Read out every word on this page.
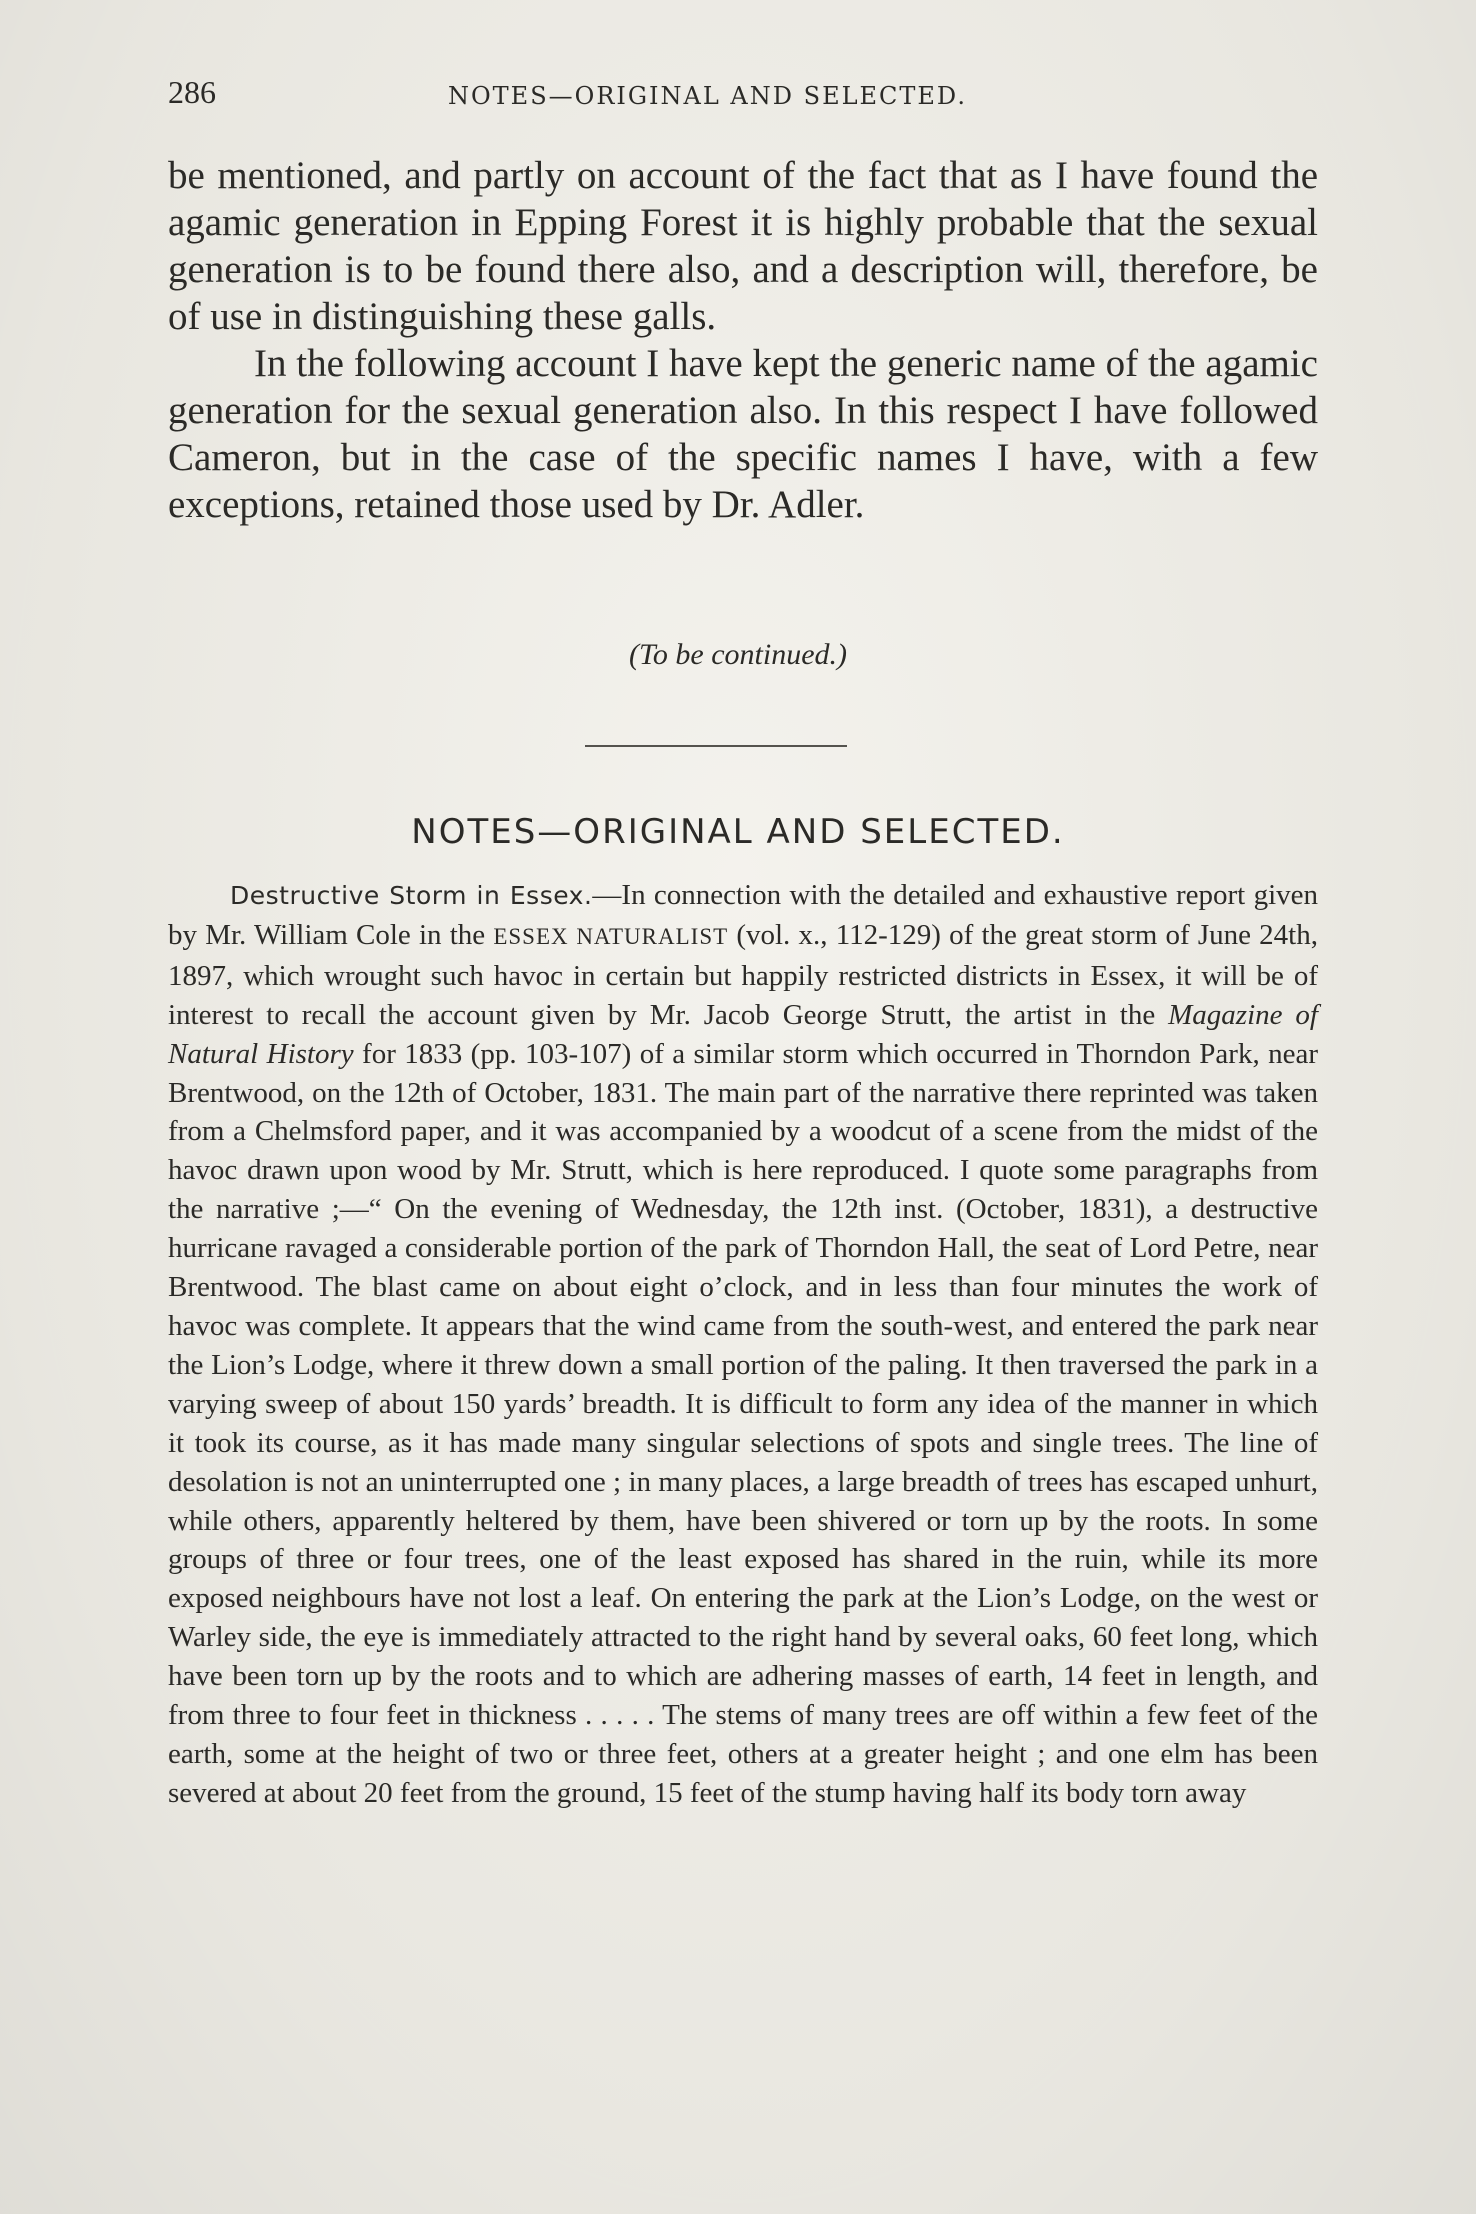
286	NOTES—ORIGINAL AND SELECTED.

be mentioned, and partly on account of the fact that as I have found the agamic generation in Epping Forest it is highly probable that the sexual generation is to be found there also, and a description will, therefore, be of use in distinguishing these galls.

In the following account I have kept the generic name of the agamic generation for the sexual generation also. In this respect I have followed Cameron, but in the case of the specific names I have, with a few exceptions, retained those used by Dr. Adler.

(To be continued.)
NOTES—ORIGINAL AND SELECTED.

Destructive Storm in Essex.—In connection with the detailed and exhaustive report given by Mr. William Cole in the ESSEX NATURALIST (vol. x., 112-129) of the great storm of June 24th, 1897, which wrought such havoc in certain but happily restricted districts in Essex, it will be of interest to recall the account given by Mr. Jacob George Strutt, the artist in the Magazine of Natural History for 1833 (pp. 103-107) of a similar storm which occurred in Thorndon Park, near Brentwood, on the 12th of October, 1831. The main part of the narrative there reprinted was taken from a Chelmsford paper, and it was accompanied by a woodcut of a scene from the midst of the havoc drawn upon wood by Mr. Strutt, which is here reproduced. I quote some paragraphs from the narrative ;—“ On the evening of Wednesday, the 12th inst. (October, 1831), a destructive hurricane ravaged a considerable portion of the park of Thorndon Hall, the seat of Lord Petre, near Brentwood. The blast came on about eight o’clock, and in less than four minutes the work of havoc was complete. It appears that the wind came from the south-west, and entered the park near the Lion’s Lodge, where it threw down a small portion of the paling. It then traversed the park in a varying sweep of about 150 yards’ breadth. It is difficult to form any idea of the manner in which it took its course, as it has made many singular selections of spots and single trees. The line of desolation is not an uninterrupted one ; in many places, a large breadth of trees has escaped unhurt, while others, apparently heltered by them, have been shivered or torn up by the roots. In some groups of three or four trees, one of the least exposed has shared in the ruin, while its more exposed neighbours have not lost a leaf. On entering the park at the Lion’s Lodge, on the west or Warley side, the eye is immediately attracted to the right hand by several oaks, 60 feet long, which have been torn up by the roots and to which are adhering masses of earth, 14 feet in length, and from three to four feet in thickness . . . . . The stems of many trees are off within a few feet of the earth, some at the height of two or three feet, others at a greater height ; and one elm has been severed at about 20 feet from the ground, 15 feet of the stump having half its body torn away
